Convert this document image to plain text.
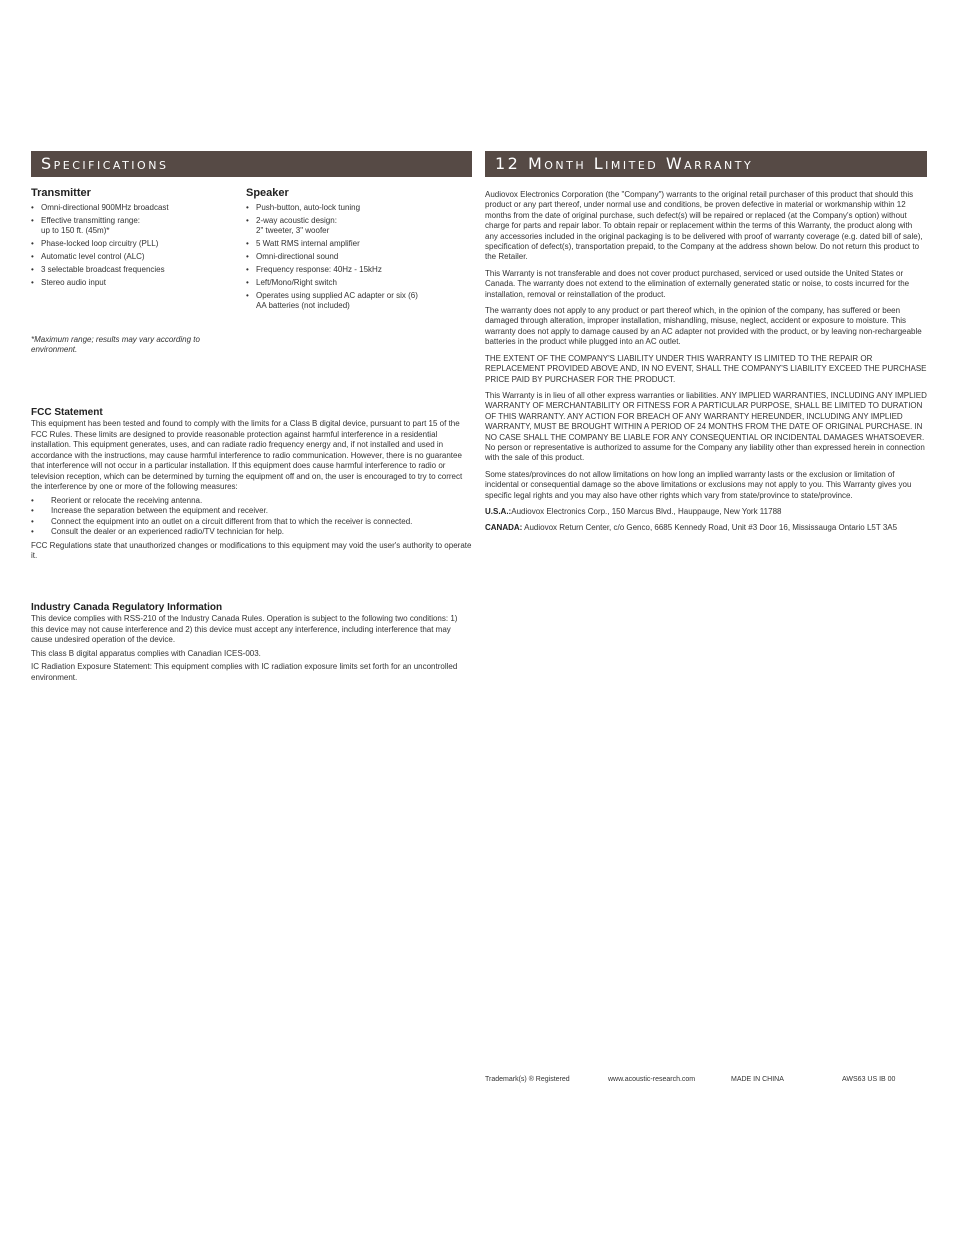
Specifications	12 Month Limited Warranty
Transmitter
• Omni-directional 900MHz broadcast
• Effective transmitting range:
up to 150 ft. (45m)*
• Phase-locked loop circuitry (PLL)
• Automatic level control (ALC)
• 3 selectable broadcast frequencies
• Stereo audio input
Speaker
• Push-button, auto-lock tuning
• 2-way acoustic design:
2" tweeter, 3" woofer
• 5 Watt RMS internal amplifier
• Omni-directional sound
• Frequency response: 40Hz - 15kHz
• Left/Mono/Right switch
• Operates using supplied AC adapter or six (6)
AA batteries (not included)
*Maximum range; results may vary according to environment.
FCC Statement

This equipment has been tested and found to comply with the limits for a Class B digital device, pursuant to part 15 of the FCC Rules. These limits are designed to provide reasonable protection against harmful interference in a residential installation. This equipment generates, uses, and can radiate radio frequency energy and, if not installed and used in accordance with the instructions, may cause harmful interference to radio communication. However, there is no guarantee that interference will not occur in a particular installation. If this equipment does cause harmful interference to radio or television reception, which can be determined by turning the equipment off and on, the user is encouraged to try to correct the interference by one or more of the following measures:

• Reorient or relocate the receiving antenna.
• Increase the separation between the equipment and receiver.
• Connect the equipment into an outlet on a circuit different from that to which the receiver is connected.
• Consult the dealer or an experienced radio/TV technician for help.

FCC Regulations state that unauthorized changes or modifications to this equipment may void the user's authority to operate it.

Industry Canada Regulatory Information

This device complies with RSS-210 of the Industry Canada Rules. Operation is subject to the following two conditions: 1) this device may not cause interference and 2) this device must accept any interference, including interference that may cause undesired operation of the device.

This class B digital apparatus complies with Canadian ICES-003.

IC Radiation Exposure Statement: This equipment complies with IC radiation exposure limits set forth for an uncontrolled environment.

Audiovox Electronics Corporation (the "Company") warrants to the original retail purchaser of this product that should this product or any part thereof, under normal use and conditions, be proven defective in material or workmanship within 12 months from the date of original purchase, such defect(s) will be repaired or replaced (at the Company's option) without charge for parts and repair labor. To obtain repair or replacement within the terms of this Warranty, the product along with any accessories included in the original packaging is to be delivered with proof of warranty coverage (e.g. dated bill of sale), specification of defect(s), transportation prepaid, to the Company at the address shown below. Do not return this product to the Retailer.

This Warranty is not transferable and does not cover product purchased, serviced or used outside the United States or Canada. The warranty does not extend to the elimination of externally generated static or noise, to costs incurred for the installation, removal or reinstallation of the product.

The warranty does not apply to any product or part thereof which, in the opinion of the company, has suffered or been damaged through alteration, improper installation, mishandling, misuse, neglect, accident or exposure to moisture. This warranty does not apply to damage caused by an AC adapter not provided with the product, or by leaving non-rechargeable batteries in the product while plugged into an AC outlet.

THE EXTENT OF THE COMPANY'S LIABILITY UNDER THIS WARRANTY IS LIMITED TO THE REPAIR OR REPLACEMENT PROVIDED ABOVE AND, IN NO EVENT, SHALL THE COMPANY'S LIABILITY EXCEED THE PURCHASE PRICE PAID BY PURCHASER FOR THE PRODUCT.

This Warranty is in lieu of all other express warranties or liabilities. ANY IMPLIED WARRANTIES, INCLUDING ANY IMPLIED WARRANTY OF MERCHANTABILITY OR FITNESS FOR A PARTICULAR PURPOSE, SHALL BE LIMITED TO DURATION OF THIS WARRANTY. ANY ACTION FOR BREACH OF ANY WARRANTY HEREUNDER, INCLUDING ANY IMPLIED WARRANTY, MUST BE BROUGHT WITHIN A PERIOD OF 24 MONTHS FROM THE DATE OF ORIGINAL PURCHASE. IN NO CASE SHALL THE COMPANY BE LIABLE FOR ANY CONSEQUENTIAL OR INCIDENTAL DAMAGES WHATSOEVER. No person or representative is authorized to assume for the Company any liability other than expressed herein in connection with the sale of this product.

Some states/provinces do not allow limitations on how long an implied warranty lasts or the exclusion or limitation of incidental or consequential damage so the above limitations or exclusions may not apply to you. This Warranty gives you specific legal rights and you may also have other rights which vary from state/province to state/province.

U.S.A.:Audiovox Electronics Corp., 150 Marcus Blvd., Hauppauge, New York 11788

CANADA: Audiovox Return Center, c/o Genco, 6685 Kennedy Road, Unit #3 Door 16, Mississauga Ontario L5T 3A5

Trademark(s) ® Registered	www.acoustic-research.com	MADE IN CHINA	AWS63 US IB 00
